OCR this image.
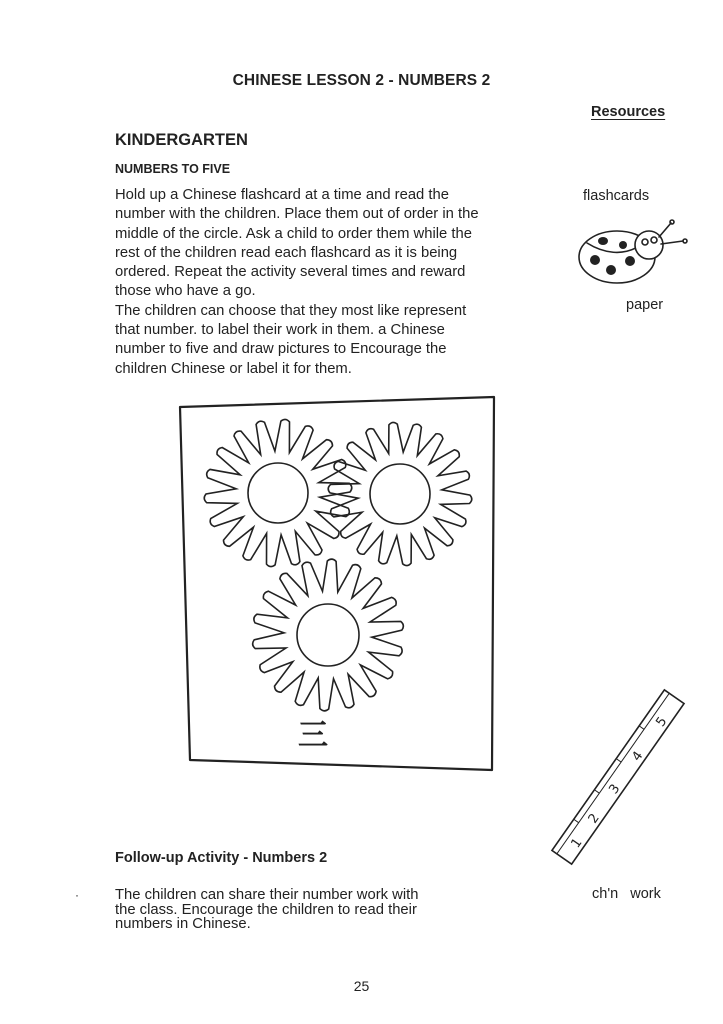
CHINESE LESSON 2 - NUMBERS 2
Resources
KINDERGARTEN
NUMBERS TO FIVE
Hold up a Chinese flashcard at a time and read the
number with the children. Place them out of order in the
middle of the circle. Ask a child to order them while the
rest of the children read each flashcard as it is being
ordered. Repeat the activity several times and reward
those who have a go.
The children can choose that they most like represent
that number. to label their work in them. a Chinese
number to five and draw pictures to Encourage the
children Chinese or label it for them.
flashcards
paper
三
1
2
3
4
5
Follow-up Activity - Numbers 2
· The children can share their number work with
the class. Encourage the children to read their
numbers in Chinese.
ch'n   work
25
